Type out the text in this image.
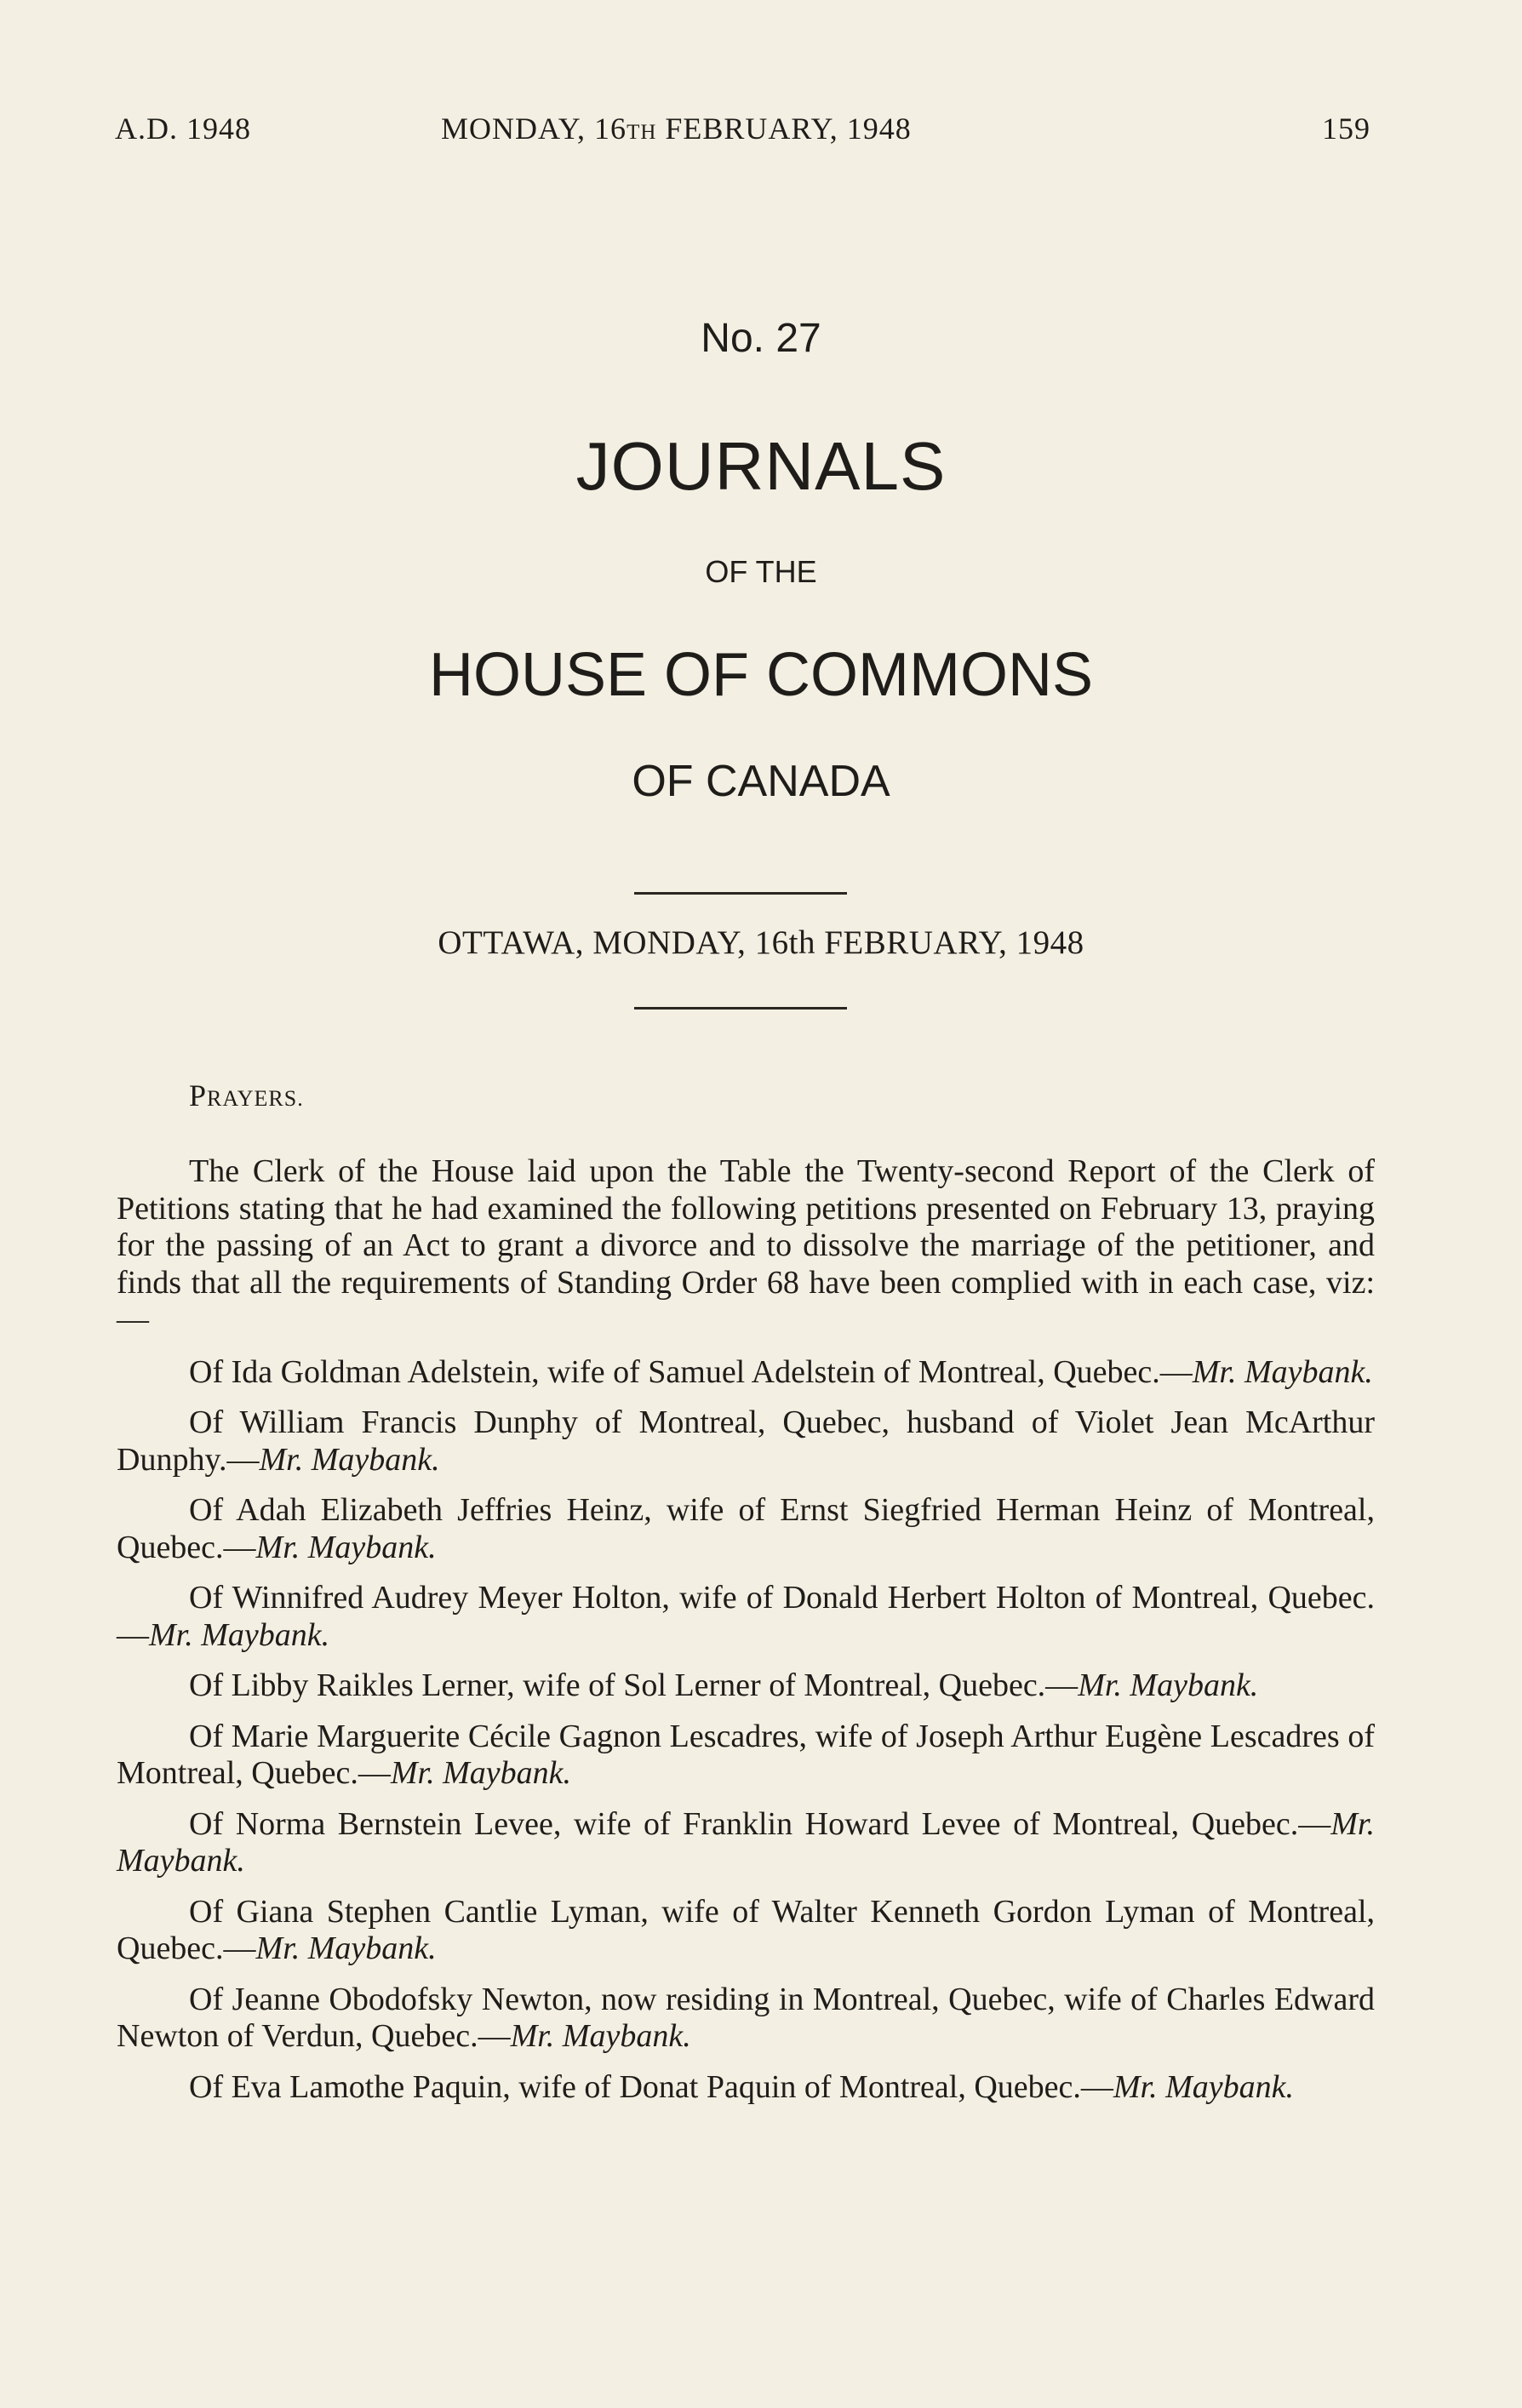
A.D. 1948	MONDAY, 16TH FEBRUARY, 1948	159
No. 27
JOURNALS
OF THE
HOUSE OF COMMONS
OF CANADA
OTTAWA, MONDAY, 16th FEBRUARY, 1948
PRAYERS.

The Clerk of the House laid upon the Table the Twenty-second Report of the Clerk of Petitions stating that he had examined the following petitions presented on February 13, praying for the passing of an Act to grant a divorce and to dissolve the marriage of the petitioner, and finds that all the requirements of Standing Order 68 have been complied with in each case, viz:—

Of Ida Goldman Adelstein, wife of Samuel Adelstein of Montreal, Quebec.—Mr. Maybank.

Of William Francis Dunphy of Montreal, Quebec, husband of Violet Jean McArthur Dunphy.—Mr. Maybank.

Of Adah Elizabeth Jeffries Heinz, wife of Ernst Siegfried Herman Heinz of Montreal, Quebec.—Mr. Maybank.

Of Winnifred Audrey Meyer Holton, wife of Donald Herbert Holton of Montreal, Quebec.—Mr. Maybank.

Of Libby Raikles Lerner, wife of Sol Lerner of Montreal, Quebec.—Mr. Maybank.

Of Marie Marguerite Cécile Gagnon Lescadres, wife of Joseph Arthur Eugène Lescadres of Montreal, Quebec.—Mr. Maybank.

Of Norma Bernstein Levee, wife of Franklin Howard Levee of Montreal, Quebec.—Mr. Maybank.

Of Giana Stephen Cantlie Lyman, wife of Walter Kenneth Gordon Lyman of Montreal, Quebec.—Mr. Maybank.

Of Jeanne Obodofsky Newton, now residing in Montreal, Quebec, wife of Charles Edward Newton of Verdun, Quebec.—Mr. Maybank.

Of Eva Lamothe Paquin, wife of Donat Paquin of Montreal, Quebec.—Mr. Maybank.
